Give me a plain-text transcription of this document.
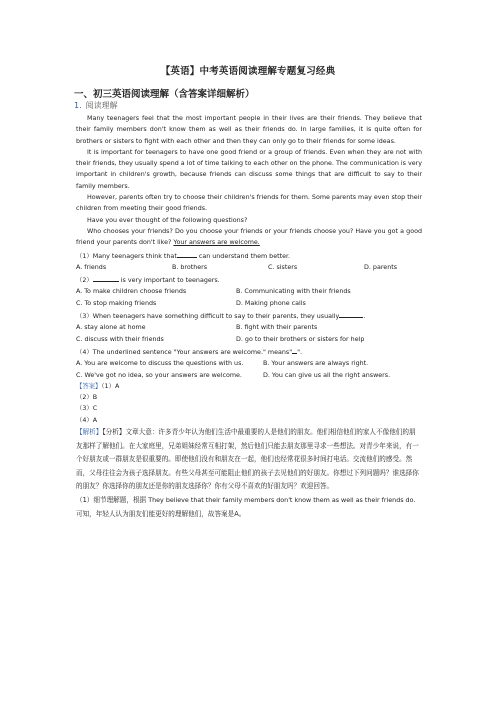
【英语】中考英语阅读理解专题复习经典
一、初三英语阅读理解（含答案详细解析）
1. 阅读理解

Many teenagers feel that the most important people in their lives are their friends. They believe that their family members don't know them as well as their friends do. In large families, it is quite often for brothers or sisters to fight with each other and then they can only go to their friends for some ideas.

It is important for teenagers to have one good friend or a group of friends. Even when they are not with their friends, they usually spend a lot of time talking to each other on the phone. The communication is very important in children's growth, because friends can discuss some things that are difficult to say to their family members.

However, parents often try to choose their children's friends for them. Some parents may even stop their children from meeting their good friends.

Have you ever thought of the following questions?

Who chooses your friends? Do you choose your friends or your friends choose you? Have you got a good friend your parents don't like? Your answers are welcome.

（1）Many teenagers think that	can understand them better.

A. friends	B. brothers	C. sisters	D. parents

（2）	is very important to teenagers.

A. To make children choose friends	B. Communicating with their friends
C. To stop making friends	D. Making phone calls

（3）When teenagers have something difficult to say to their parents, they usually	.

A. stay alone at home	B. fight with their parents
C. discuss with their friends	D. go to their brothers or sisters for help

（4）The underlined sentence "Your answers are welcome." means" ".

A. You are welcome to discuss the questions with us.	B. Your answers are always right.
C. We've got no idea, so your answers are welcome.	D. You can give us all the right answers.

【答案】（1）A

（2）B

（3）C

（4）A

【解析】【分析】文章大意：许多青少年认为他们生活中最重要的人是他们的朋友。他们相信他们的家人不像他们的朋友那样了解他们。在大家庭里，兄弟姐妹经常互相打架，然后他们只能去朋友那里寻求一些想法。对青少年来说，有一个好朋友或一群朋友是很重要的。即使他们没有和朋友在一起，他们也经常花很多时间打电话。交流他们的感受。然而，父母往往会为孩子选择朋友。有些父母甚至可能阻止他们的孩子去见他们的好朋友。你想过下列问题吗？谁选择你的朋友？你选择你的朋友还是你的朋友选择你？你有父母不喜欢的好朋友吗？欢迎回答。

（1）细节理解题，根据 They believe that their family members don't know them as well as their friends do. 可知，年轻人认为朋友们能更好的理解他们，故答案是A。
